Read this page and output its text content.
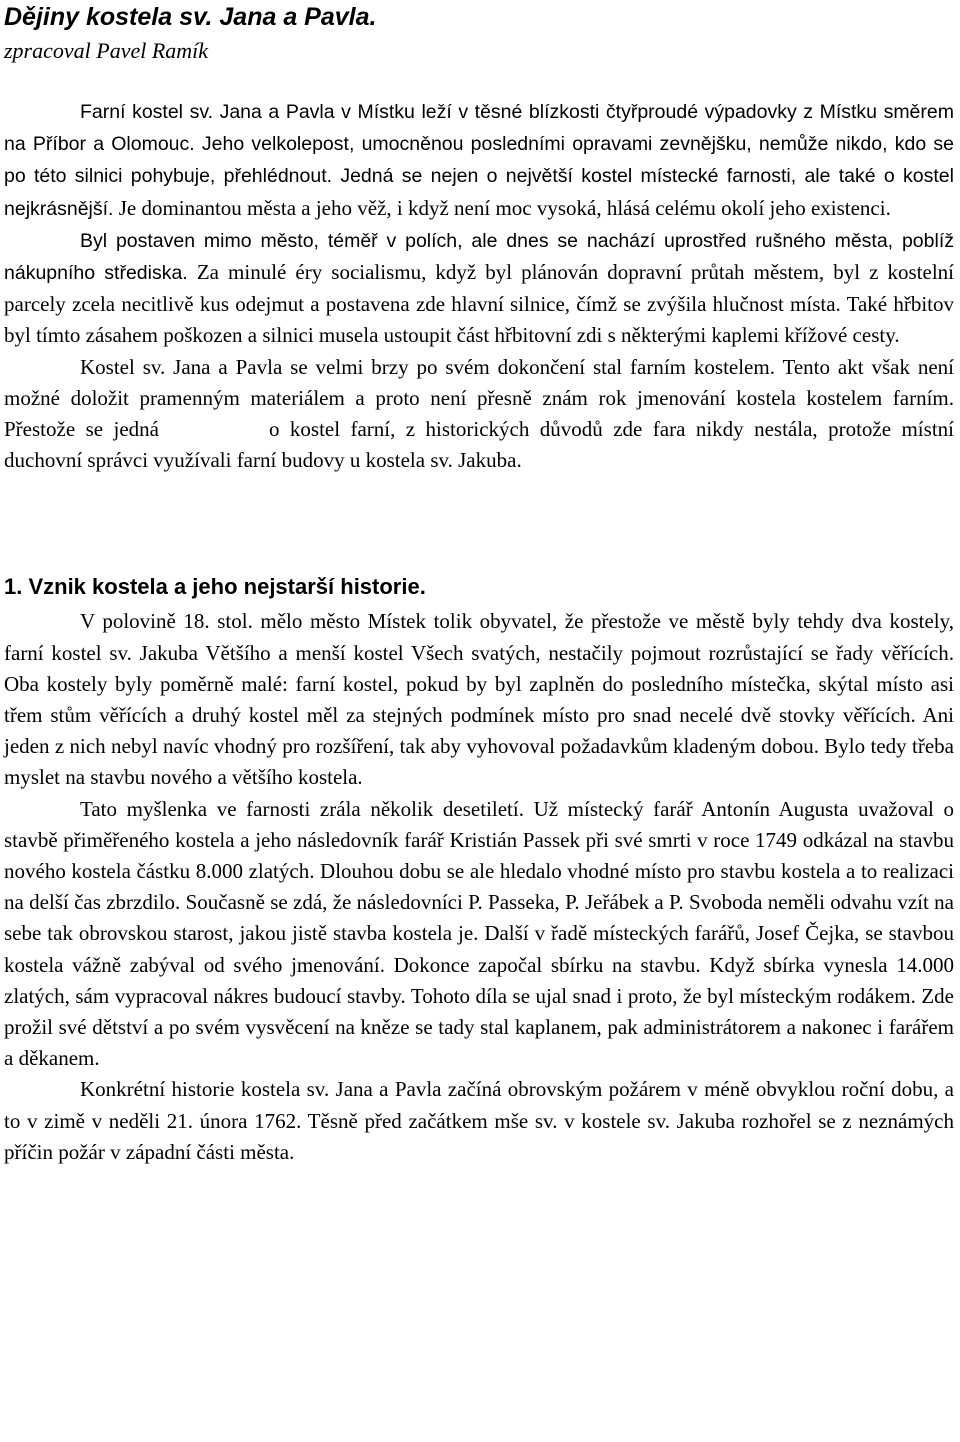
Dějiny kostela sv. Jana a Pavla.
zpracoval Pavel Ramík

Farní kostel sv. Jana a Pavla v Místku leží v těsné blízkosti čtyřproudé výpadovky z Místku směrem na Příbor a Olomouc. Jeho velkolepost, umocněnou posledními opravami zevnějšku, nemůže nikdo, kdo se po této silnici pohybuje, přehlédnout. Jedná se nejen o největší kostel místecké farnosti, ale také o kostel nejkrásnější. Je dominantou města a jeho věž, i když není moc vysoká, hlásá celému okolí jeho existenci.

Byl postaven mimo město, téměř v polích, ale dnes se nachází uprostřed rušného města, poblíž nákupního střediska. Za minulé éry socialismu, když byl plánován dopravní průtah městem, byl z kostelní parcely zcela necitlivě kus odejmut a postavena zde hlavní silnice, čímž se zvýšila hlučnost místa. Také hřbitov byl tímto zásahem poškozen a silnici musela ustoupit část hřbitovní zdi s některými kaplemi křížové cesty.

Kostel sv. Jana a Pavla se velmi brzy po svém dokončení stal farním kostelem. Tento akt však není možné doložit pramenným materiálem a proto není přesně znám rok jmenování kostela kostelem farním. Přestože se jedná	o kostel farní, z historických důvodů zde fara nikdy nestála, protože místní duchovní správci využívali farní budovy u kostela sv. Jakuba.

1. Vznik kostela a jeho nejstarší historie.

V polovině 18. stol. mělo město Místek tolik obyvatel, že přestože ve městě byly tehdy dva kostely, farní kostel sv. Jakuba Většího a menší kostel Všech svatých, nestačily pojmout rozrůstající se řady věřících. Oba kostely byly poměrně malé: farní kostel, pokud by byl zaplněn do posledního místečka, skýtal místo asi třem stům věřících a druhý kostel měl za stejných podmínek místo pro snad necelé dvě stovky věřících. Ani jeden z nich nebyl navíc vhodný pro rozšíření, tak aby vyhovoval požadavkům kladeným dobou. Bylo tedy třeba myslet na stavbu nového a většího kostela.

Tato myšlenka ve farnosti zrála několik desetiletí. Už místecký farář Antonín Augusta uvažoval o stavbě přiměřeného kostela a jeho následovník farář Kristián Passek při své smrti v roce 1749 odkázal na stavbu nového kostela částku 8.000 zlatých. Dlouhou dobu se ale hledalo vhodné místo pro stavbu kostela a to realizaci na delší čas zbrzdilo. Současně se zdá, že následovníci P. Passeka, P. Jeřábek a P. Svoboda neměli odvahu vzít na sebe tak obrovskou starost, jakou jistě stavba kostela je. Další v řadě místeckých farářů, Josef Čejka, se stavbou kostela vážně zabýval od svého jmenování. Dokonce započal sbírku na stavbu. Když sbírka vynesla 14.000 zlatých, sám vypracoval nákres budoucí stavby. Tohoto díla se ujal snad i proto, že byl místeckým rodákem. Zde prožil své dětství a po svém vysvěcení na kněze se tady stal kaplanem, pak administrátorem a nakonec i farářem a děkanem.

Konkrétní historie kostela sv. Jana a Pavla začíná obrovským požárem v méně obvyklou roční dobu, a to v zimě v neděli 21. února 1762. Těsně před začátkem mše sv. v kostele sv. Jakuba rozhořel se z neznámých příčin požár v západní části města.
